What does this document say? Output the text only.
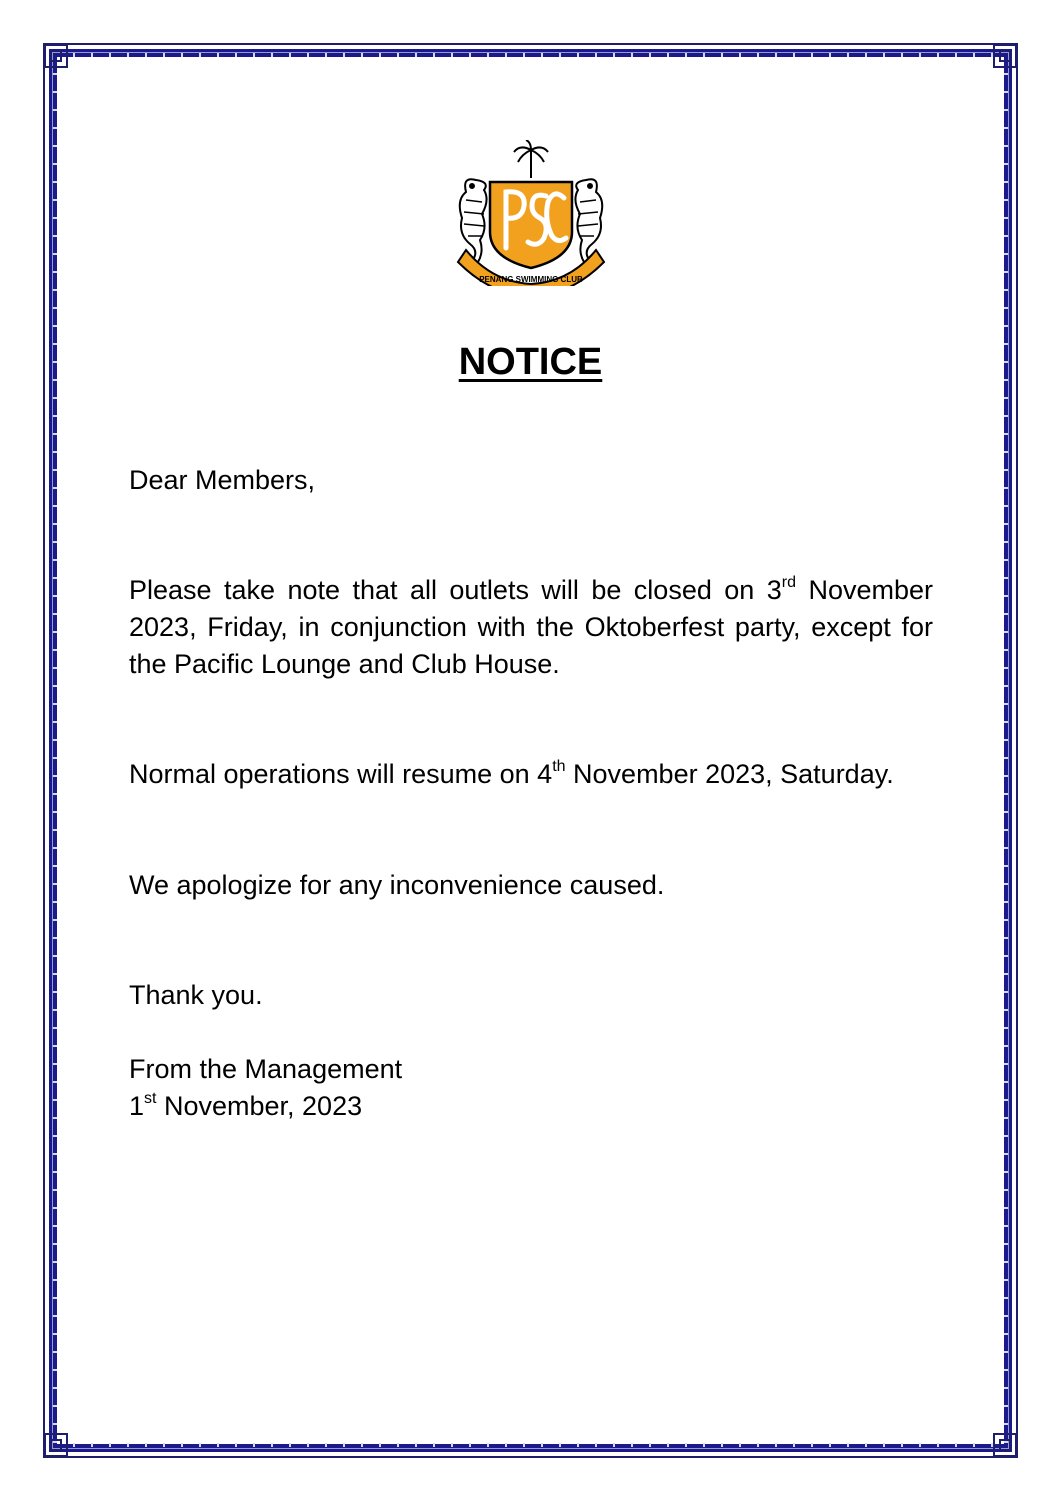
PENANG SWIMMING CLUB
NOTICE
Dear Members,
Please take note that all outlets will be closed on 3rd November 2023, Friday, in conjunction with the Oktoberfest party, except for the Pacific Lounge and Club House.
Normal operations will resume on 4th November 2023, Saturday.
We apologize for any inconvenience caused.
Thank you.
From the Management
1st November, 2023
